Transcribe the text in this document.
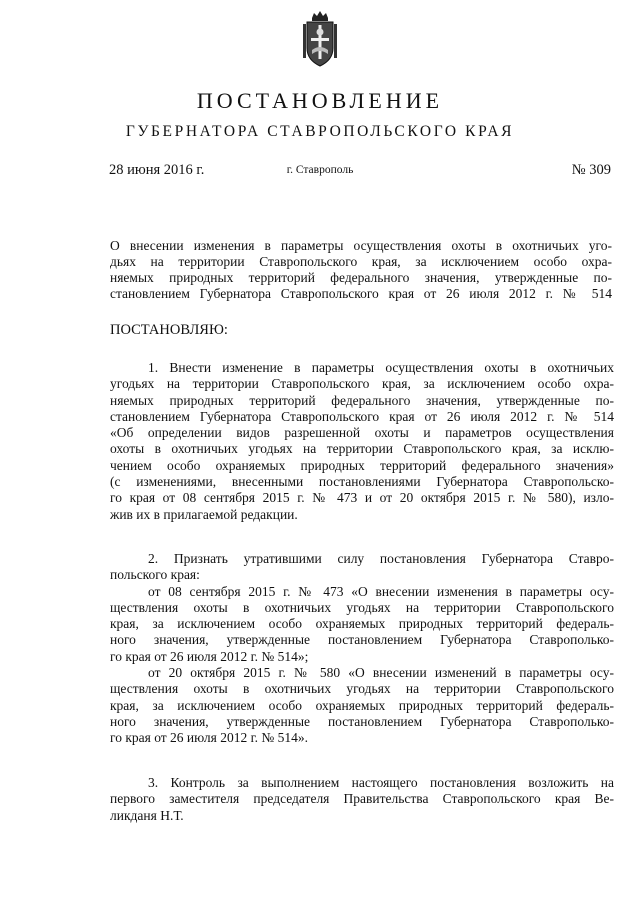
ПОСТАНОВЛЕНИЕ
ГУБЕРНАТОРА СТАВРОПОЛЬСКОГО КРАЯ
28 июня 2016 г.	г. Ставрополь	№ 309
О внесении изменения в параметры осуществления охоты в охотничьих уго-
дьях на территории Ставропольского края, за исключением особо охра-
няемых природных территорий федерального значения, утвержденные по-
становлением Губернатора Ставропольского края от 26 июля 2012 г. № 514
ПОСТАНОВЛЯЮ:
1. Внести изменение в параметры осуществления охоты в охотничьих
угодьях на территории Ставропольского края, за исключением особо охра-
няемых природных территорий федерального значения, утвержденные по-
становлением Губернатора Ставропольского края от 26 июля 2012 г. № 514
«Об определении видов разрешенной охоты и параметров осуществления
охоты в охотничьих угодьях на территории Ставропольского края, за исклю-
чением особо охраняемых природных территорий федерального значения»
(с изменениями, внесенными постановлениями Губернатора Ставропольско-
го края от 08 сентября 2015 г. № 473 и от 20 октября 2015 г. № 580), изло-
жив их в прилагаемой редакции.
2. Признать утратившими силу постановления Губернатора Ставро-
польского края:
от 08 сентября 2015 г. № 473 «О внесении изменения в параметры осу-
ществления охоты в охотничьих угодьях на территории Ставропольского
края, за исключением особо охраняемых природных территорий федераль-
ного значения, утвержденные постановлением Губернатора Ставрополько-
го края от 26 июля 2012 г. № 514»;
от 20 октября 2015 г. № 580 «О внесении изменений в параметры осу-
ществления охоты в охотничьих угодьях на территории Ставропольского
края, за исключением особо охраняемых природных территорий федераль-
ного значения, утвержденные постановлением Губернатора Ставрополько-
го края от 26 июля 2012 г. № 514».
3. Контроль за выполнением настоящего постановления возложить на
первого заместителя председателя Правительства Ставропольского края Ве-
ликданя Н.Т.
